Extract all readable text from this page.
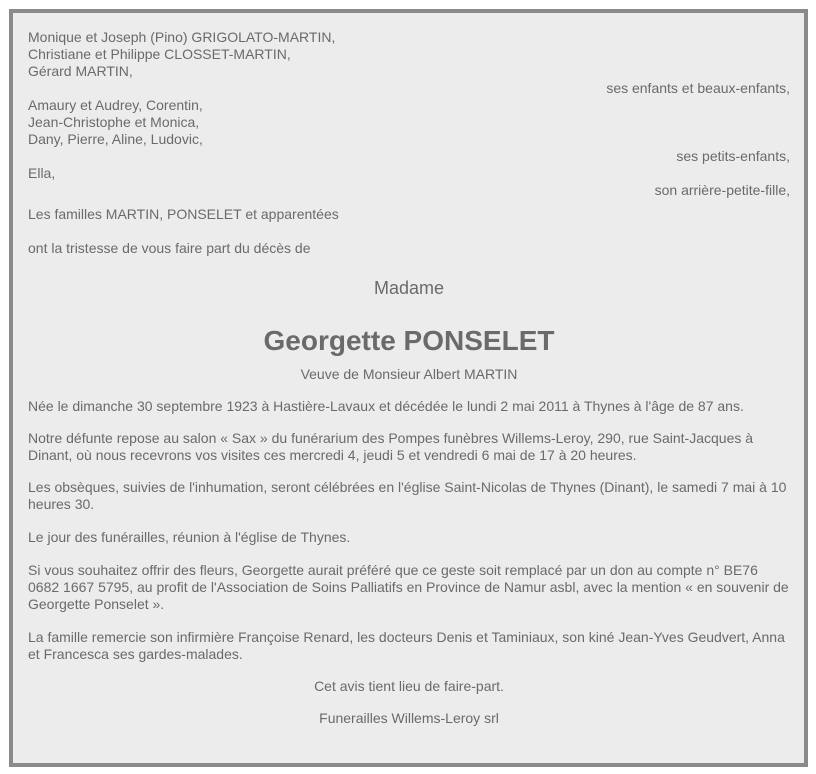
Monique et Joseph (Pino) GRIGOLATO-MARTIN,
Christiane et Philippe CLOSSET-MARTIN,
Gérard MARTIN,
ses enfants et beaux-enfants,
Amaury et Audrey, Corentin,
Jean-Christophe et Monica,
Dany, Pierre, Aline, Ludovic,
ses petits-enfants,
Ella,
son arrière-petite-fille,

Les familles MARTIN, PONSELET et apparentées

ont la tristesse de vous faire part du décès de

Madame
Georgette PONSELET
Veuve de Monsieur Albert MARTIN

Née le dimanche 30 septembre 1923 à Hastière-Lavaux et décédée le lundi 2 mai 2011 à Thynes à l'âge de 87 ans.

Notre défunte repose au salon « Sax » du funérarium des Pompes funèbres Willems-Leroy, 290, rue Saint-Jacques à Dinant, où nous recevrons vos visites ces mercredi 4, jeudi 5 et vendredi 6 mai de 17 à 20 heures.

Les obsèques, suivies de l'inhumation, seront célébrées en l'église Saint-Nicolas de Thynes (Dinant), le samedi 7 mai à 10 heures 30.

Le jour des funérailles, réunion à l'église de Thynes.

Si vous souhaitez offrir des fleurs, Georgette aurait préféré que ce geste soit remplacé par un don au compte n° BE76 0682 1667 5795, au profit de l'Association de Soins Palliatifs en Province de Namur asbl, avec la mention « en souvenir de Georgette Ponselet ».

La famille remercie son infirmière Françoise Renard, les docteurs Denis et Taminiaux, son kiné Jean-Yves Geudvert, Anna et Francesca ses gardes-malades.

Cet avis tient lieu de faire-part.
Funerailles Willems-Leroy srl
